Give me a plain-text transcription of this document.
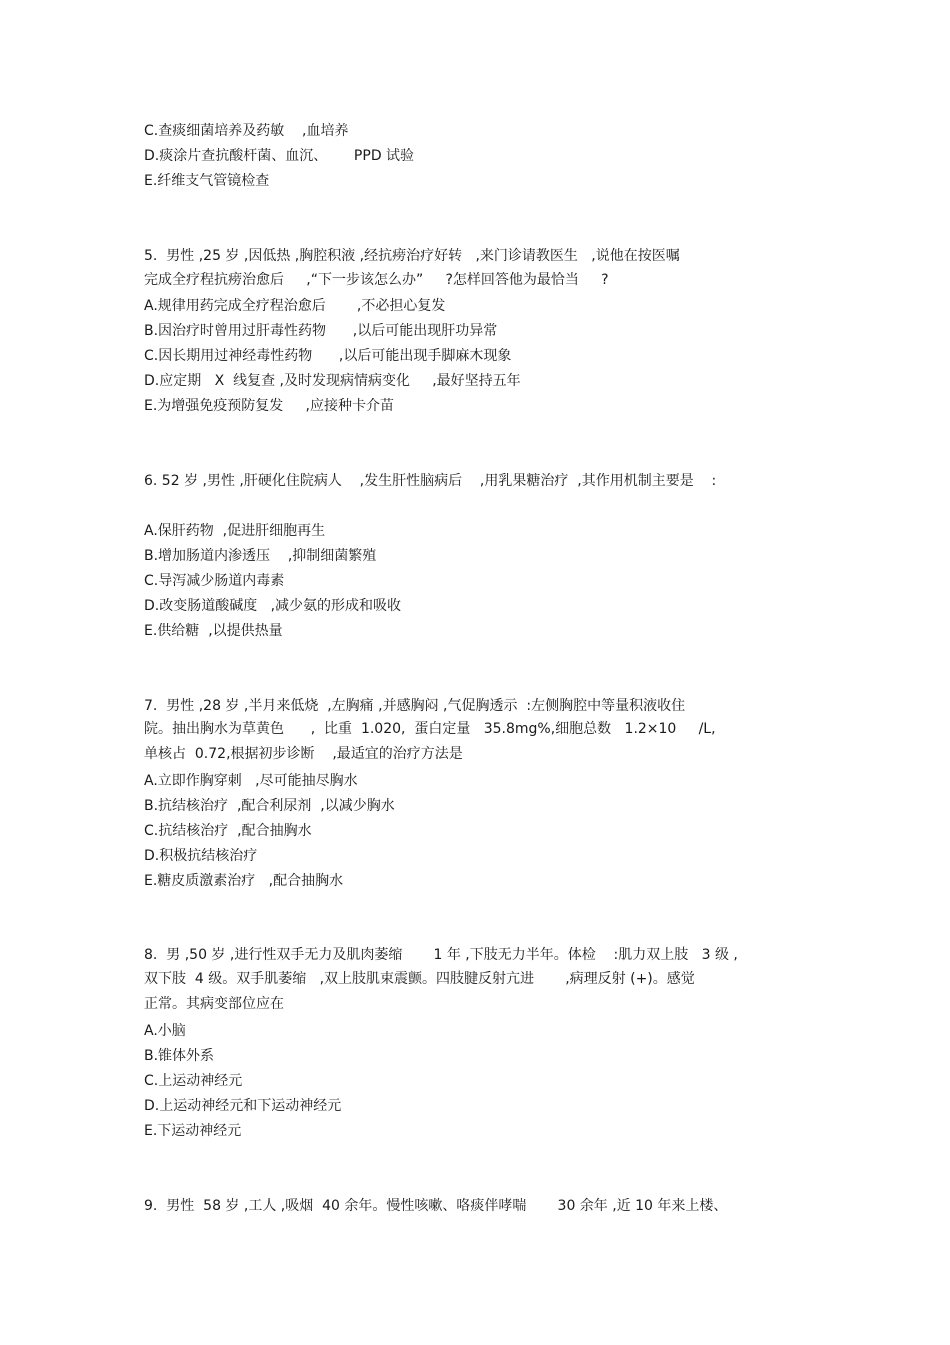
C.查痰细菌培养及药敏    ,血培养
D.痰涂片查抗酸杆菌、血沉、      PPD 试验
E.纤维支气管镜检查
5.  男性 ,25 岁 ,因低热 ,胸腔积液 ,经抗痨治疗好转   ,来门诊请教医生   ,说他在按医嘱
完成全疗程抗痨治愈后     ,“下一步该怎么办”     ?怎样回答他为最恰当     ?
A.规律用药完成全疗程治愈后       ,不必担心复发
B.因治疗时曾用过肝毒性药物      ,以后可能出现肝功异常
C.因长期用过神经毒性药物      ,以后可能出现手脚麻木现象
D.应定期   X  线复查 ,及时发现病情病变化     ,最好坚持五年
E.为增强免疫预防复发     ,应接种卡介苗
6. 52 岁 ,男性 ,肝硬化住院病人    ,发生肝性脑病后    ,用乳果糖治疗  ,其作用机制主要是    :
A.保肝药物  ,促进肝细胞再生
B.增加肠道内渗透压    ,抑制细菌繁殖
C.导泻减少肠道内毒素
D.改变肠道酸碱度   ,减少氨的形成和吸收
E.供给糖  ,以提供热量
7.  男性 ,28 岁 ,半月来低烧  ,左胸痛 ,并感胸闷 ,气促胸透示  :左侧胸腔中等量积液收住
院。抽出胸水为草黄色      ,  比重  1.020,  蛋白定量   35.8mg%,细胞总数   1.2×10     /L,
单核占  0.72,根据初步诊断    ,最适宜的治疗方法是
A.立即作胸穿刺   ,尽可能抽尽胸水
B.抗结核治疗  ,配合利尿剂  ,以减少胸水
C.抗结核治疗  ,配合抽胸水
D.积极抗结核治疗
E.糖皮质激素治疗   ,配合抽胸水
8.  男 ,50 岁 ,进行性双手无力及肌肉萎缩       1 年 ,下肢无力半年。体检    :肌力双上肢   3 级 ,
双下肢  4 级。双手肌萎缩   ,双上肢肌束震颤。四肢腱反射亢进       ,病理反射 (+)。感觉
正常。其病变部位应在
A.小脑
B.锥体外系
C.上运动神经元
D.上运动神经元和下运动神经元
E.下运动神经元
9.  男性  58 岁 ,工人 ,吸烟  40 余年。慢性咳嗽、咯痰伴哮喘       30 余年 ,近 10 年来上楼、
